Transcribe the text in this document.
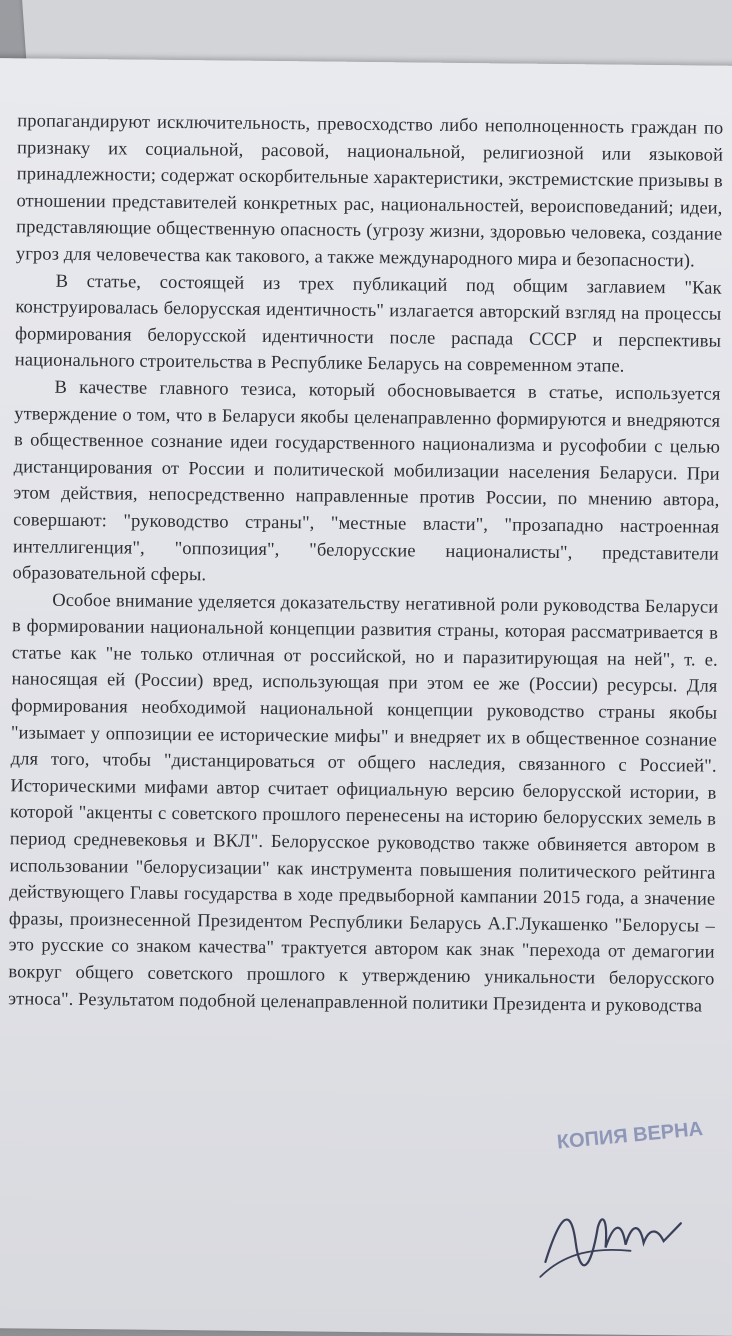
пропагандируют исключительность, превосходство либо неполноценность граждан по признаку их социальной, расовой, национальной, религиозной или языковой принадлежности; содержат оскорбительные характеристики, экстремистские призывы в отношении представителей конкретных рас, национальностей, вероисповеданий; идеи, представляющие общественную опасность (угрозу жизни, здоровью человека, создание угроз для человечества как такового, а также международного мира и безопасности).

В статье, состоящей из трех публикаций под общим заглавием "Как конструировалась белорусская идентичность" излагается авторский взгляд на процессы формирования белорусской идентичности после распада СССР и перспективы национального строительства в Республике Беларусь на современном этапе.

В качестве главного тезиса, который обосновывается в статье, используется утверждение о том, что в Беларуси якобы целенаправленно формируются и внедряются в общественное сознание идеи государственного национализма и русофобии с целью дистанцирования от России и политической мобилизации населения Беларуси. При этом действия, непосредственно направленные против России, по мнению автора, совершают: "руководство страны", "местные власти", "прозападно настроенная интеллигенция", "оппозиция", "белорусские националисты", представители образовательной сферы.

Особое внимание уделяется доказательству негативной роли руководства Беларуси в формировании национальной концепции развития страны, которая рассматривается в статье как "не только отличная от российской, но и паразитирующая на ней", т. е. наносящая ей (России) вред, использующая при этом ее же (России) ресурсы. Для формирования необходимой национальной концепции руководство страны якобы "изымает у оппозиции ее исторические мифы" и внедряет их в общественное сознание для того, чтобы "дистанцироваться от общего наследия, связанного с Россией". Историческими мифами автор считает официальную версию белорусской истории, в которой "акценты с советского прошлого перенесены на историю белорусских земель в период средневековья и ВКЛ". Белорусское руководство также обвиняется автором в использовании "белорусизации" как инструмента повышения политического рейтинга действующего Главы государства в ходе предвыборной кампании 2015 года, а значение фразы, произнесенной Президентом Республики Беларусь А.Г.Лукашенко "Белорусы – это русские со знаком качества" трактуется автором как знак "перехода от демагогии вокруг общего советского прошлого к утверждению уникальности белорусского этноса". Результатом подобной целенаправленной политики Президента и руководства

КОПИЯ ВЕРНА
